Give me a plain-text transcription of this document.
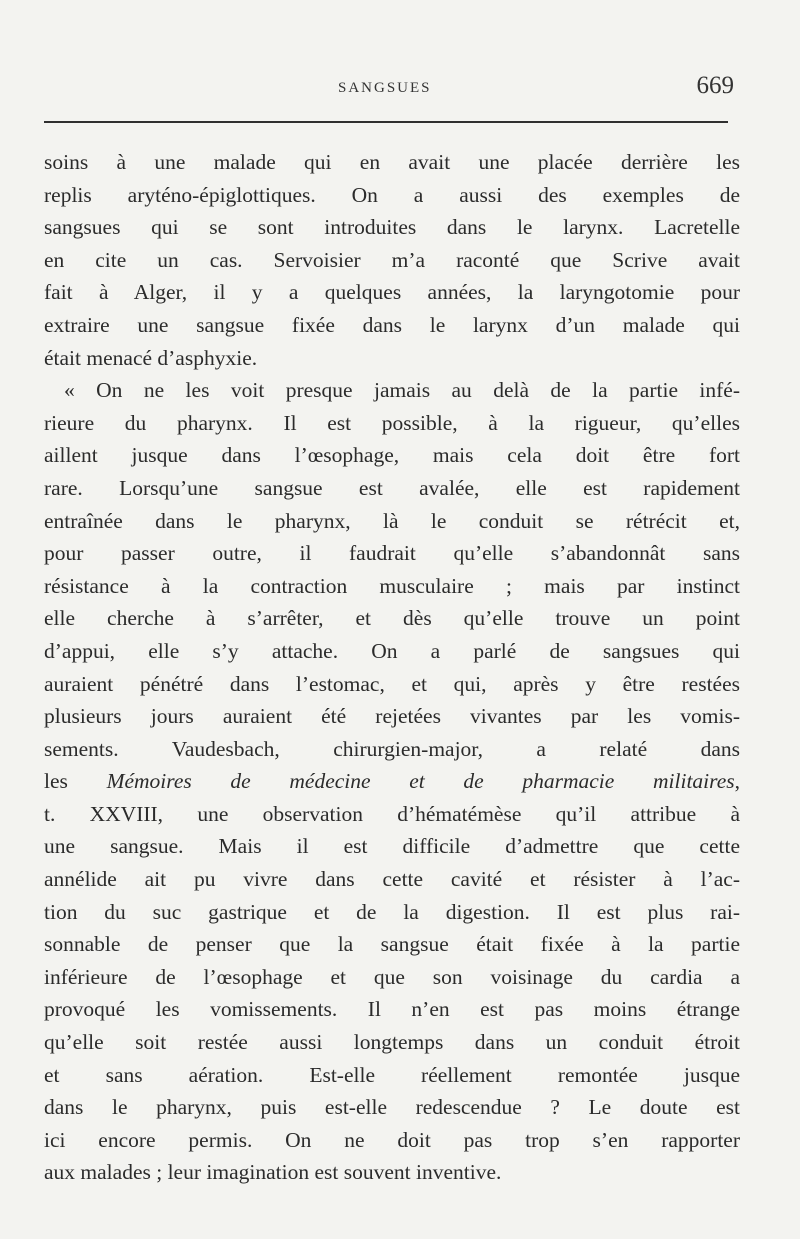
SANGSUES	669
soins à une malade qui en avait une placée derrière les
replis aryténo-épiglottiques. On a aussi des exemples de
sangsues qui se sont introduites dans le larynx. Lacretelle
en cite un cas. Servoisier m’a raconté que Scrive avait
fait à Alger, il y a quelques années, la laryngotomie pour
extraire une sangsue fixée dans le larynx d’un malade qui
était menacé d’asphyxie.
« On ne les voit presque jamais au delà de la partie infé-
rieure du pharynx. Il est possible, à la rigueur, qu’elles
aillent jusque dans l’œsophage, mais cela doit être fort
rare. Lorsqu’une sangsue est avalée, elle est rapidement
entraînée dans le pharynx, là le conduit se rétrécit et,
pour passer outre, il faudrait qu’elle s’abandonnât sans
résistance à la contraction musculaire ; mais par instinct
elle cherche à s’arrêter, et dès qu’elle trouve un point
d’appui, elle s’y attache. On a parlé de sangsues qui
auraient pénétré dans l’estomac, et qui, après y être restées
plusieurs jours auraient été rejetées vivantes par les vomis-
sements. Vaudesbach, chirurgien-major, a relaté dans
les Mémoires de médecine et de pharmacie militaires,
t. XXVIII, une observation d’hématémèse qu’il attribue à
une sangsue. Mais il est difficile d’admettre que cette
annélide ait pu vivre dans cette cavité et résister à l’ac-
tion du suc gastrique et de la digestion. Il est plus rai-
sonnable de penser que la sangsue était fixée à la partie
inférieure de l’œsophage et que son voisinage du cardia a
provoqué les vomissements. Il n’en est pas moins étrange
qu’elle soit restée aussi longtemps dans un conduit étroit
et sans aération. Est-elle réellement remontée jusque
dans le pharynx, puis est-elle redescendue ? Le doute est
ici encore permis. On ne doit pas trop s’en rapporter
aux malades ; leur imagination est souvent inventive.
